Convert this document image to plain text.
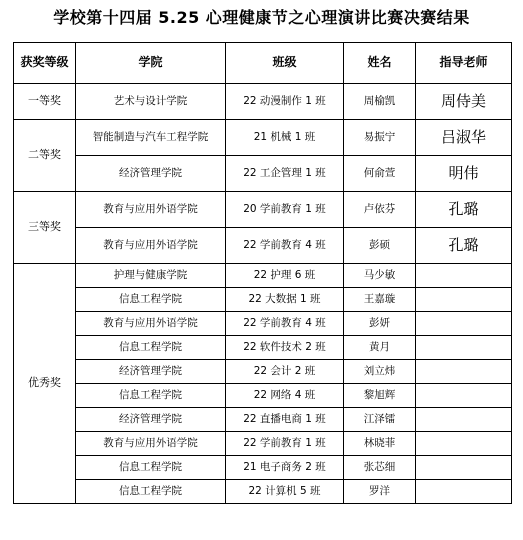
学校第十四届 5.25 心理健康节之心理演讲比赛决赛结果
获奖等级	学院	班级	姓名	指导老师
一等奖	艺术与设计学院	22 动漫制作 1 班	周榆凯	周侍美
二等奖	智能制造与汽车工程学院	21 机械 1 班	易振宁	吕淑华
	经济管理学院	22 工企管理 1 班	何俞萱	明伟
三等奖	教育与应用外语学院	20 学前教育 1 班	卢依芬	孔璐
	教育与应用外语学院	22 学前教育 4 班	彭硕	孔璐
优秀奖	护理与健康学院	22 护理 6 班	马少敏	
	信息工程学院	22 大数据 1 班	王嘉璇	
	教育与应用外语学院	22 学前教育 4 班	彭妍	
	信息工程学院	22 软件技术 2 班	黄月	
	经济管理学院	22 会计 2 班	刘立炜	
	信息工程学院	22 网络 4 班	黎旭辉	
	经济管理学院	22 直播电商 1 班	江泽镭	
	教育与应用外语学院	22 学前教育 1 班	林晓菲	
	信息工程学院	21 电子商务 2 班	张芯细	
	信息工程学院	22 计算机 5 班	罗洋	
